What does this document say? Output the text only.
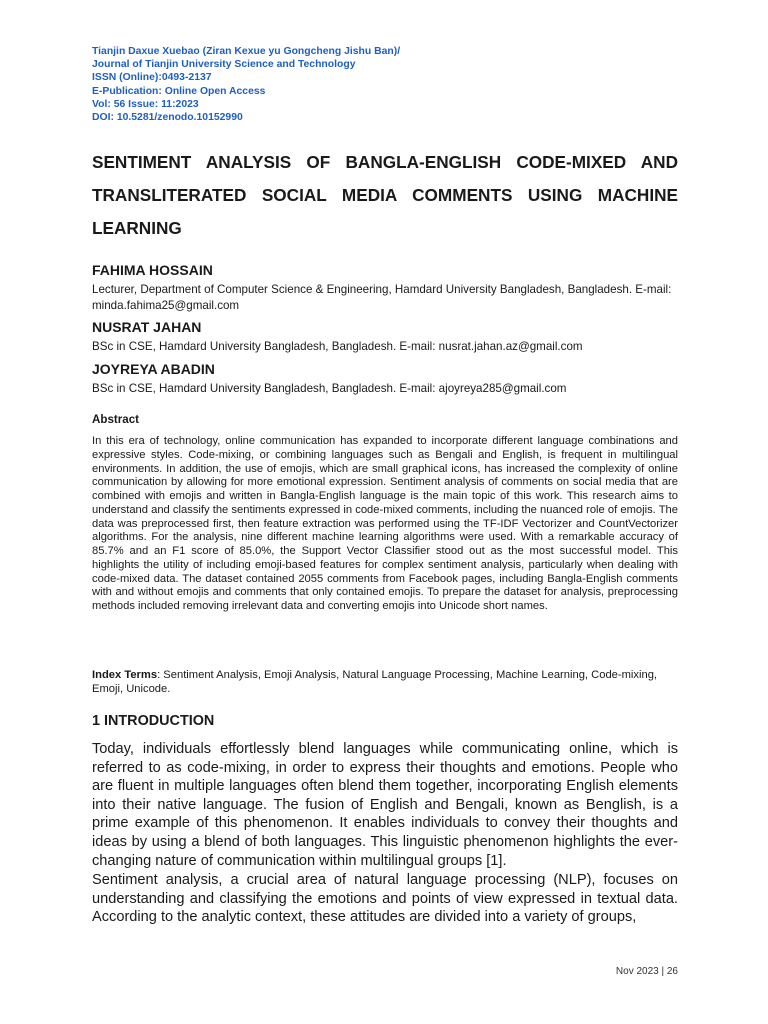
Tianjin Daxue Xuebao (Ziran Kexue yu Gongcheng Jishu Ban)/
Journal of Tianjin University Science and Technology
ISSN (Online):0493-2137
E-Publication: Online Open Access
Vol: 56 Issue: 11:2023
DOI: 10.5281/zenodo.10152990
SENTIMENT ANALYSIS OF BANGLA-ENGLISH CODE-MIXED AND
TRANSLITERATED SOCIAL MEDIA COMMENTS USING MACHINE
LEARNING
FAHIMA HOSSAIN
Lecturer, Department of Computer Science & Engineering, Hamdard University Bangladesh, Bangladesh. E-mail: minda.fahima25@gmail.com
NUSRAT JAHAN
BSc in CSE, Hamdard University Bangladesh, Bangladesh. E-mail: nusrat.jahan.az@gmail.com
JOYREYA ABADIN
BSc in CSE, Hamdard University Bangladesh, Bangladesh. E-mail: ajoyreya285@gmail.com
Abstract
In this era of technology, online communication has expanded to incorporate different language combinations and expressive styles. Code-mixing, or combining languages such as Bengali and English, is frequent in multilingual environments. In addition, the use of emojis, which are small graphical icons, has increased the complexity of online communication by allowing for more emotional expression. Sentiment analysis of comments on social media that are combined with emojis and written in Bangla-English language is the main topic of this work. This research aims to understand and classify the sentiments expressed in code-mixed comments, including the nuanced role of emojis. The data was preprocessed first, then feature extraction was performed using the TF-IDF Vectorizer and CountVectorizer algorithms. For the analysis, nine different machine learning algorithms were used. With a remarkable accuracy of 85.7% and an F1 score of 85.0%, the Support Vector Classifier stood out as the most successful model. This highlights the utility of including emoji-based features for complex sentiment analysis, particularly when dealing with code-mixed data. The dataset contained 2055 comments from Facebook pages, including Bangla-English comments with and without emojis and comments that only contained emojis. To prepare the dataset for analysis, preprocessing methods included removing irrelevant data and converting emojis into Unicode short names.
Index Terms: Sentiment Analysis, Emoji Analysis, Natural Language Processing, Machine Learning, Code-mixing, Emoji, Unicode.
1 INTRODUCTION
Today, individuals effortlessly blend languages while communicating online, which is referred to as code-mixing, in order to express their thoughts and emotions. People who are fluent in multiple languages often blend them together, incorporating English elements into their native language. The fusion of English and Bengali, known as Benglish, is a prime example of this phenomenon. It enables individuals to convey their thoughts and ideas by using a blend of both languages. This linguistic phenomenon highlights the ever-changing nature of communication within multilingual groups [1].
Sentiment analysis, a crucial area of natural language processing (NLP), focuses on understanding and classifying the emotions and points of view expressed in textual data. According to the analytic context, these attitudes are divided into a variety of groups,
Nov 2023 | 26
